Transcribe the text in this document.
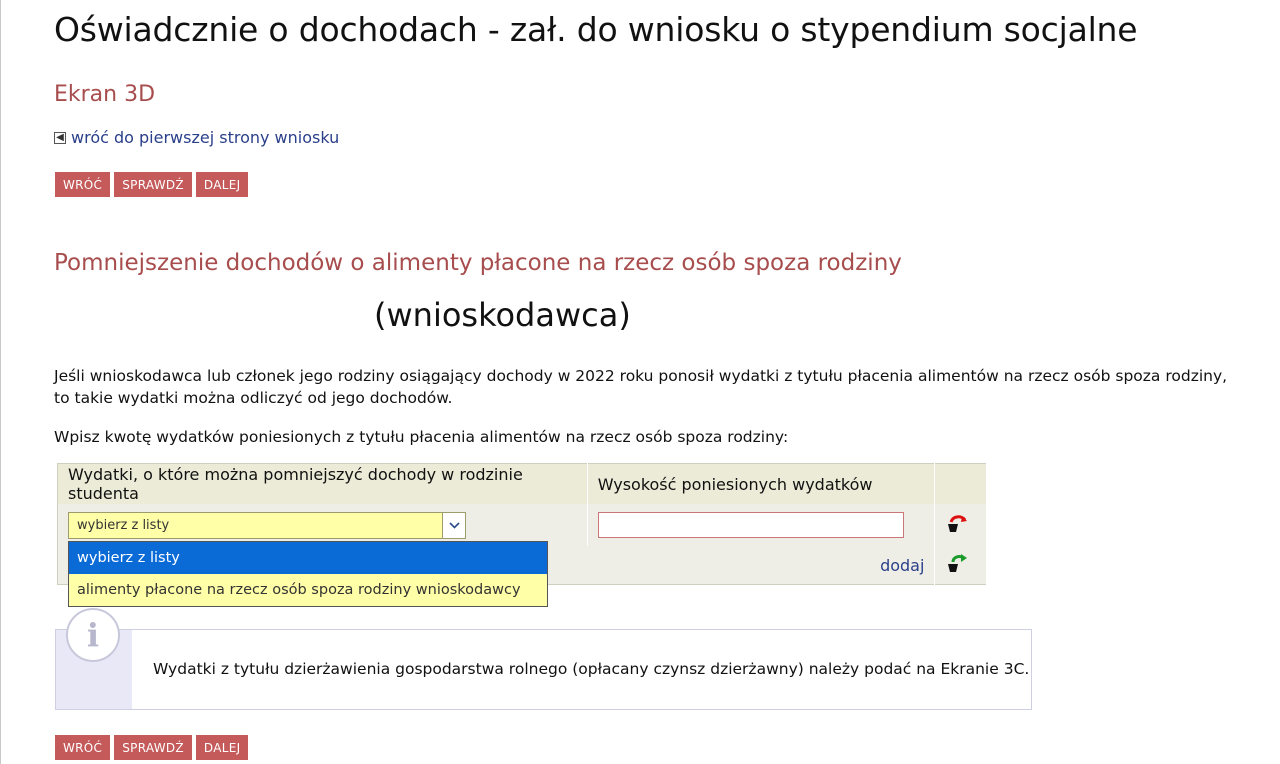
Oświadcznie o dochodach - zał. do wniosku o stypendium socjalne
Ekran 3D
◀ wróć do pierwszej strony wniosku
WRÓĆ	SPRAWDŹ	DALEJ
Pomniejszenie dochodów o alimenty płacone na rzecz osób spoza rodziny
(wnioskodawca)

Jeśli wnioskodawca lub członek jego rodziny osiągający dochody w 2022 roku ponosił wydatki z tytułu płacenia alimentów na rzecz osób spoza rodziny, to takie wydatki można odliczyć od jego dochodów.

Wpisz kwotę wydatków poniesionych z tytułu płacenia alimentów na rzecz osób spoza rodziny:

Wydatki, o które można pomniejszyć dochody w rodzinie studenta	Wysokość poniesionych wydatków	

wybierz z listy

dodaj	
wybierz z listy
alimenty płacone na rzecz osób spoza rodziny wnioskodawcy
i
Wydatki z tytułu dzierżawienia gospodarstwa rolnego (opłacany czynsz dzierżawny) należy podać na Ekranie 3C.
WRÓĆ	SPRAWDŹ	DALEJ
